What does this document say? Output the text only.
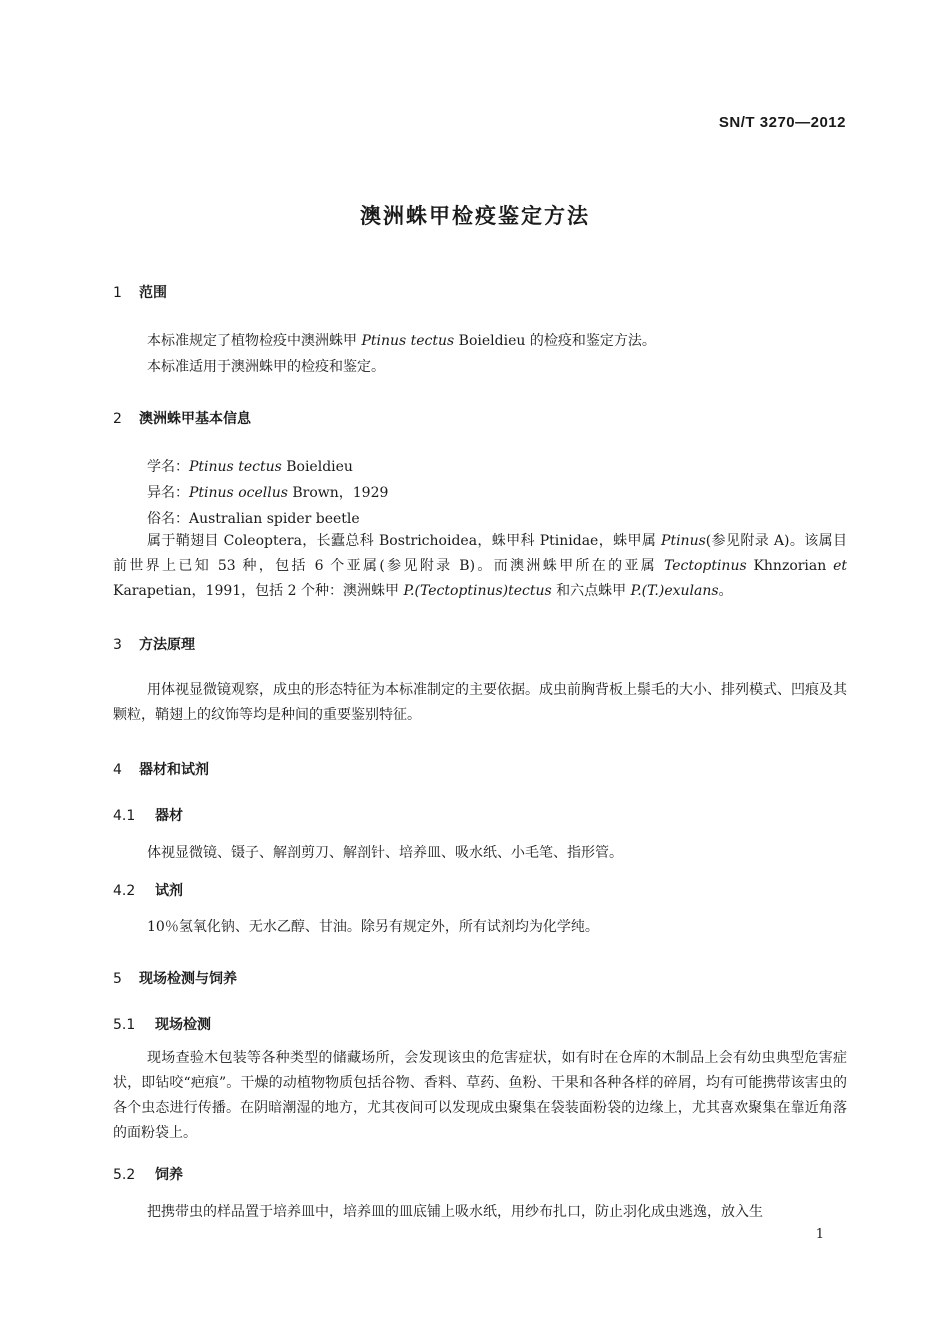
SN/T 3270—2012
澳洲蛛甲检疫鉴定方法
1 范围
本标准规定了植物检疫中澳洲蛛甲 Ptinus tectus Boieldieu 的检疫和鉴定方法。
本标准适用于澳洲蛛甲的检疫和鉴定。
2 澳洲蛛甲基本信息
学名：Ptinus tectus Boieldieu
异名：Ptinus ocellus Brown，1929
俗名：Australian spider beetle
属于鞘翅目 Coleoptera，长蠹总科 Bostrichoidea，蛛甲科 Ptinidae，蛛甲属 Ptinus(参见附录 A)。该属目前世界上已知 53 种，包括 6 个亚属(参见附录 B)。而澳洲蛛甲所在的亚属 Tectoptinus Khnzorian et Karapetian，1991，包括 2 个种：澳洲蛛甲 P.(Tectoptinus)tectus 和六点蛛甲 P.(T.)exulans。
3 方法原理
用体视显微镜观察，成虫的形态特征为本标准制定的主要依据。成虫前胸背板上鬃毛的大小、排列模式、凹痕及其颗粒，鞘翅上的纹饰等均是种间的重要鉴别特征。
4 器材和试剂
4.1 器材
体视显微镜、镊子、解剖剪刀、解剖针、培养皿、吸水纸、小毛笔、指形管。
4.2 试剂
10％氢氧化钠、无水乙醇、甘油。除另有规定外，所有试剂均为化学纯。
5 现场检测与饲养
5.1 现场检测
现场查验木包装等各种类型的储藏场所，会发现该虫的危害症状，如有时在仓库的木制品上会有幼虫典型危害症状，即钻咬“疤痕”。干燥的动植物物质包括谷物、香料、草药、鱼粉、干果和各种各样的碎屑，均有可能携带该害虫的各个虫态进行传播。在阴暗潮湿的地方，尤其夜间可以发现成虫聚集在袋装面粉袋的边缘上，尤其喜欢聚集在靠近角落的面粉袋上。
5.2 饲养
把携带虫的样品置于培养皿中，培养皿的皿底铺上吸水纸，用纱布扎口，防止羽化成虫逃逸，放入生
1
